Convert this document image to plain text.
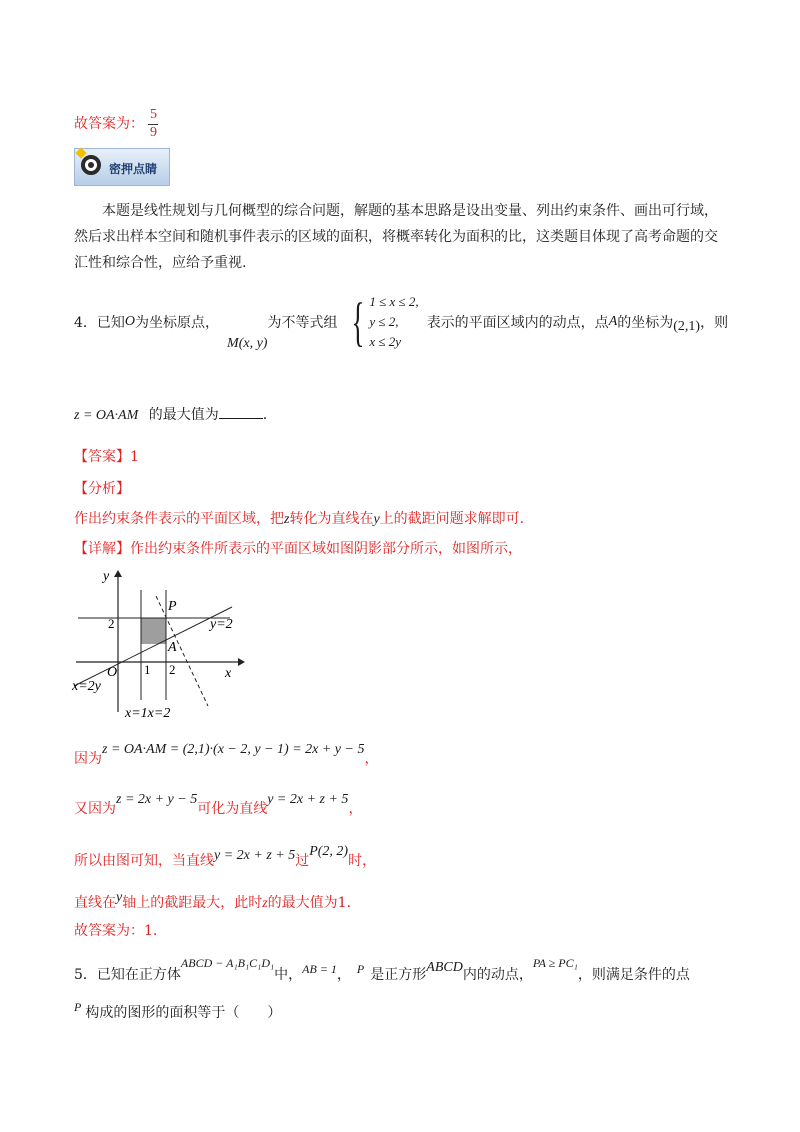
故答案为： $\frac{5}{9}$
密押点睛
本题是线性规划与几何概型的综合问题，解题的基本思路是设出变量、列出约束条件、画出可行域，然后求出样本空间和随机事件表示的区域的面积，将概率转化为面积的比，这类题目体现了高考命题的交汇性和综合性，应给予重视.
4． 已知 O 为坐标原点，
M(x, y)
为不等式组 { 1 ≤ x ≤ 2,
y ≤ 2,
x ≤ 2y
表示的平面区域内的动点，点 A 的坐标为 (2,1) ，则
z = OA·AM 的最大值为	.
【答案】1
【分析】
作出约束条件表示的平面区域，把z转化为直线在y上的截距问题求解即可.
【详解】作出约束条件所表示的平面区域如图阴影部分所示，如图所示，
y
x
O
2
1 2
P
A
y=2
x=2y
x=1x=2
因为z = OA·AM = (2,1)·(x − 2, y − 1) = 2x + y − 5，
又因为z = 2x + y − 5可化为直线y = 2x + z + 5，
所以由图可知，当直线y = 2x + z + 5过P(2, 2)时，
直线在y轴上的截距最大，此时z的最大值为1.
故答案为：1.
5．已知在正方体ABCD − A₁B₁C₁D₁中，AB = 1， P 是正方形ABCD内的动点，PA ≥ PC₁，则满足条件的点
P 构成的图形的面积等于（　　）
